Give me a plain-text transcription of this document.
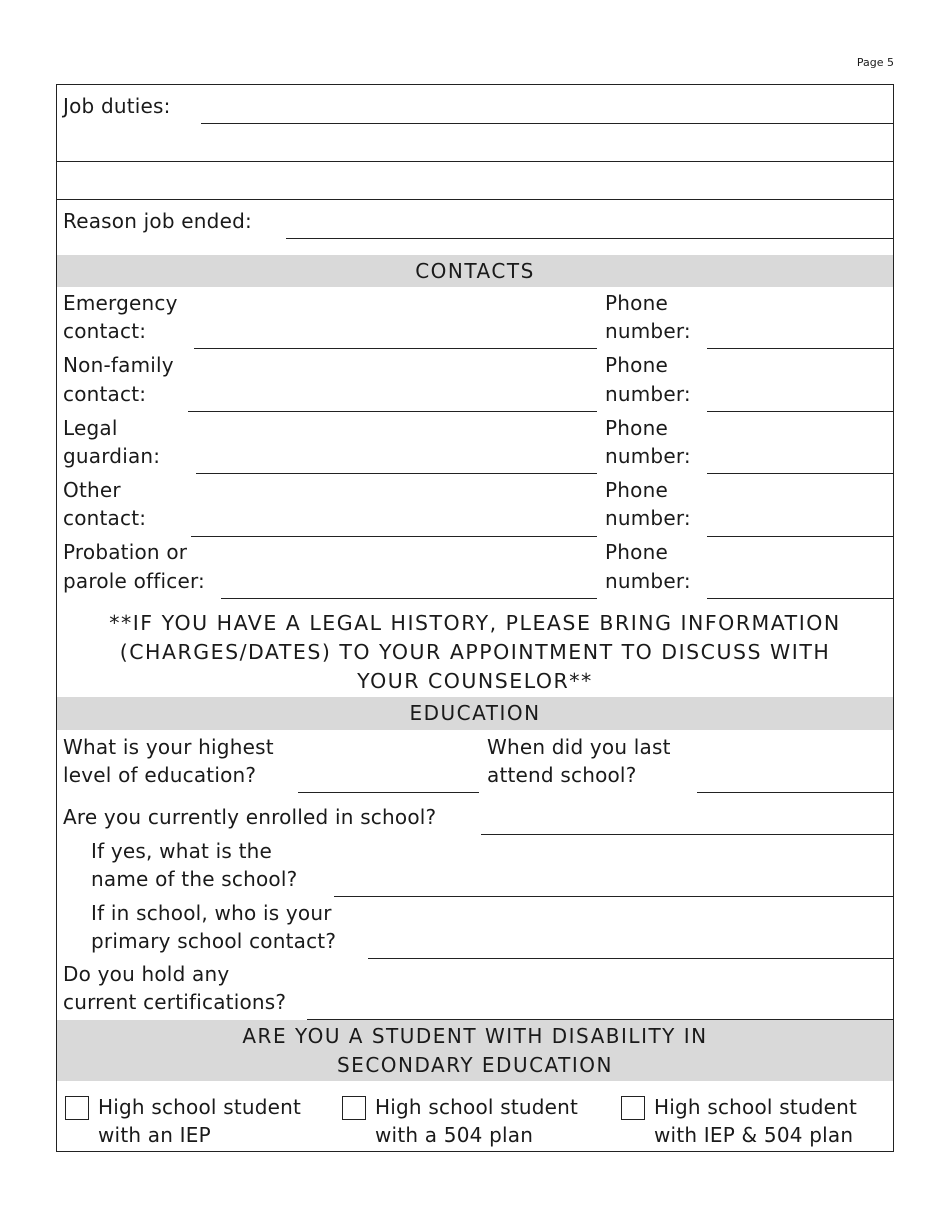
Page 5
Job duties:
Reason job ended:
CONTACTS
Emergency
contact:
Phone
number:
Non-family
contact:
Phone
number:
Legal
guardian:
Phone
number:
Other
contact:
Phone
number:
Probation or
parole officer:
Phone
number:
**IF YOU HAVE A LEGAL HISTORY, PLEASE BRING INFORMATION
(CHARGES/DATES) TO YOUR APPOINTMENT TO DISCUSS WITH
YOUR COUNSELOR**
EDUCATION
What is your highest
level of education?
When did you last
attend school?
Are you currently enrolled in school?
If yes, what is the
name of the school?
If in school, who is your
primary school contact?
Do you hold any
current certifications?
ARE YOU A STUDENT WITH DISABILITY IN
SECONDARY EDUCATION
High school student
with an IEP
High school student
with a 504 plan
High school student
with IEP & 504 plan
